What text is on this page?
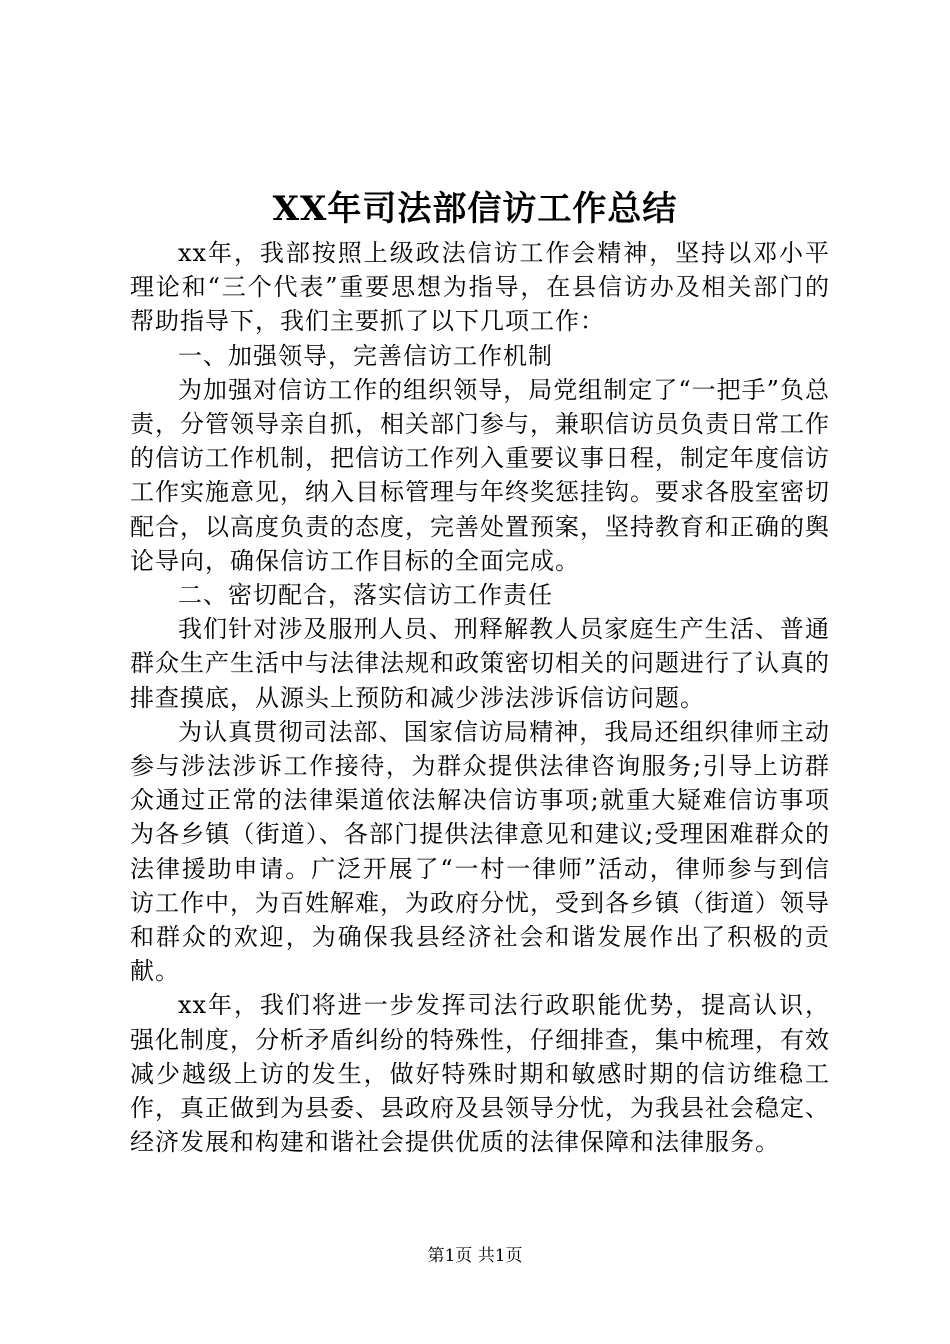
XX年司法部信访工作总结

xx年，我部按照上级政法信访工作会精神，坚持以邓小平理论和“三个代表”重要思想为指导，在县信访办及相关部门的帮助指导下，我们主要抓了以下几项工作：

一、加强领导，完善信访工作机制

为加强对信访工作的组织领导，局党组制定了“一把手”负总责，分管领导亲自抓，相关部门参与，兼职信访员负责日常工作的信访工作机制，把信访工作列入重要议事日程，制定年度信访工作实施意见，纳入目标管理与年终奖惩挂钩。要求各股室密切配合，以高度负责的态度，完善处置预案，坚持教育和正确的舆论导向，确保信访工作目标的全面完成。

二、密切配合，落实信访工作责任

我们针对涉及服刑人员、刑释解教人员家庭生产生活、普通群众生产生活中与法律法规和政策密切相关的问题进行了认真的排查摸底，从源头上预防和减少涉法涉诉信访问题。

为认真贯彻司法部、国家信访局精神，我局还组织律师主动参与涉法涉诉工作接待，为群众提供法律咨询服务;引导上访群众通过正常的法律渠道依法解决信访事项;就重大疑难信访事项为各乡镇（街道）、各部门提供法律意见和建议;受理困难群众的法律援助申请。广泛开展了“一村一律师”活动，律师参与到信访工作中，为百姓解难，为政府分忧，受到各乡镇（街道）领导和群众的欢迎，为确保我县经济社会和谐发展作出了积极的贡献。

xx年，我们将进一步发挥司法行政职能优势，提高认识，强化制度，分析矛盾纠纷的特殊性，仔细排查，集中梳理，有效减少越级上访的发生，做好特殊时期和敏感时期的信访维稳工作，真正做到为县委、县政府及县领导分忧，为我县社会稳定、经济发展和构建和谐社会提供优质的法律保障和法律服务。

第1页 共1页
